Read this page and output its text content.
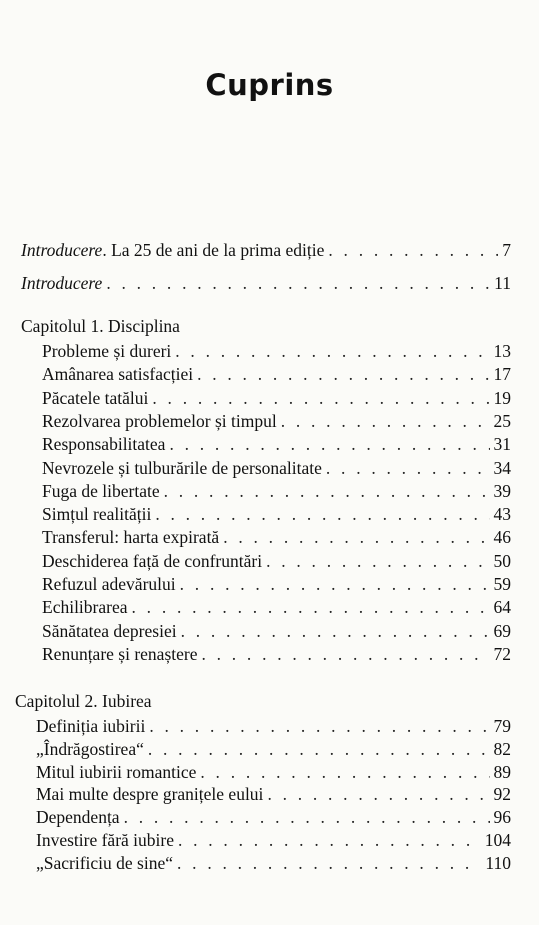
Cuprins
Introducere. La 25 de ani de la prima ediție . . .	7
Introducere . . .	11
Capitolul 1. Disciplina
Probleme și dureri . . .	13
Amânarea satisfacției . . .	17
Păcatele tatălui . . .	19
Rezolvarea problemelor și timpul . . .	25
Responsabilitatea . . .	31
Nevrozele și tulburările de personalitate . . .	34
Fuga de libertate . . .	39
Simțul realității . . .	43
Transferul: harta expirată . . .	46
Deschiderea față de confruntări . . .	50
Refuzul adevărului . . .	59
Echilibrarea . . .	64
Sănătatea depresiei . . .	69
Renunțare și renaștere . . .	72
Capitolul 2. Iubirea
Definiția iubirii . . .	79
„Îndrăgostirea“ . . .	82
Mitul iubirii romantice . . .	89
Mai multe despre granițele eului . . .	92
Dependența . . .	96
Investire fără iubire . . .	104
„Sacrificiu de sine“ . . .	110
